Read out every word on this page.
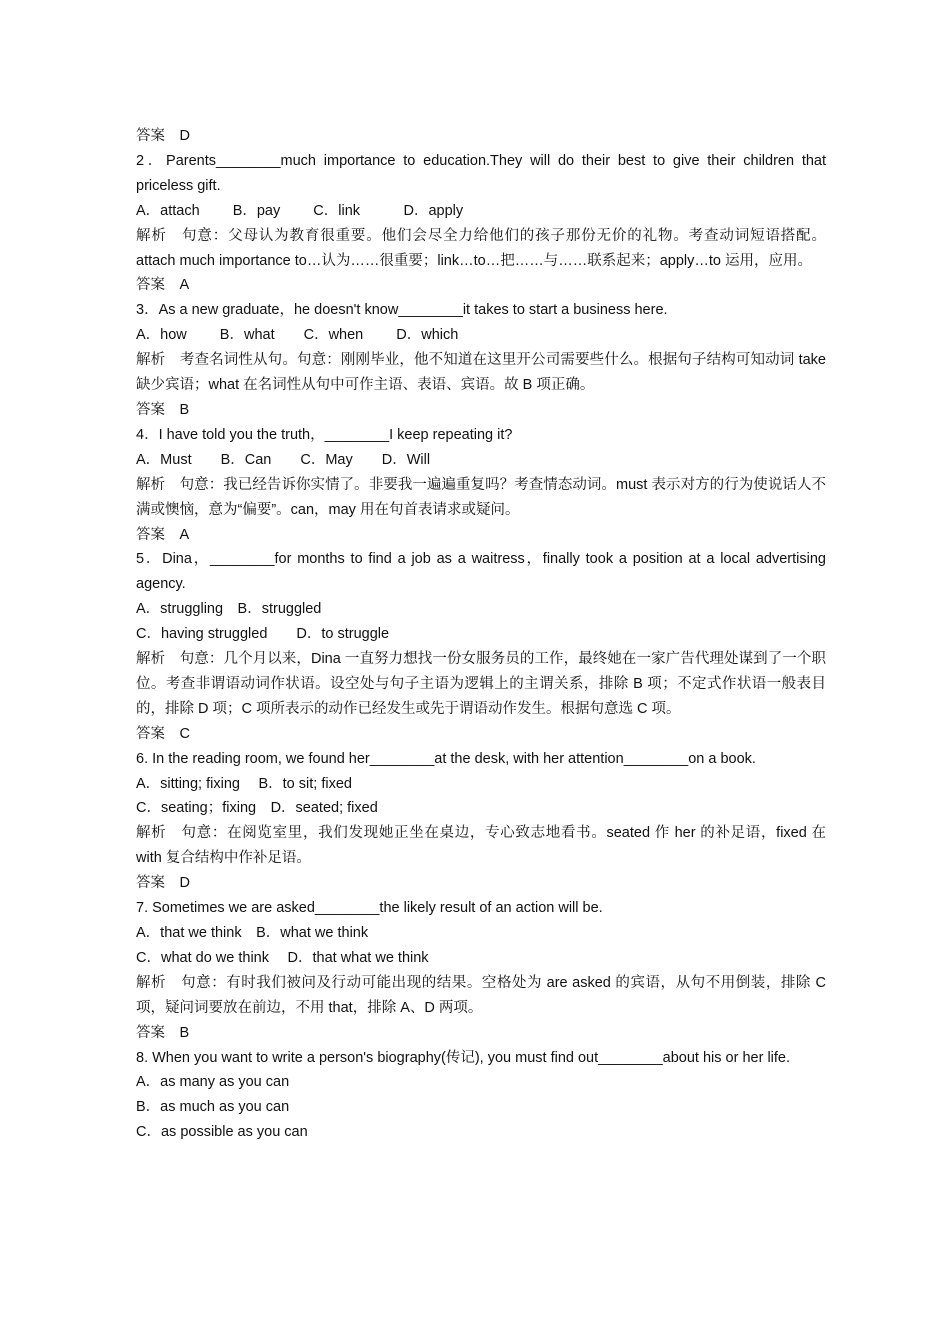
答案　D

2．Parents________much importance to education.They will do their best to give their children that priceless gift.

A．attach　　 B．pay　　 C．link　　　D．apply

解析　句意：父母认为教育很重要。他们会尽全力给他们的孩子那份无价的礼物。考查动词短语搭配。attach much importance to…认为……很重要；link…to…把……与……联系起来；apply…to 运用，应用。

答案　A

3．As a new graduate，he doesn't know________it takes to start a business here.

A．how　　 B．what　　C．when　　 D．which

解析　考查名词性从句。句意：刚刚毕业，他不知道在这里开公司需要些什么。根据句子结构可知动词 take 缺少宾语；what 在名词性从句中可作主语、表语、宾语。故 B 项正确。

答案　B

4．I have told you the truth，________I keep repeating it?

A．Must　　B．Can　　C．May　　D．Will

解析　句意：我已经告诉你实情了。非要我一遍遍重复吗？考查情态动词。must 表示对方的行为使说话人不满或懊恼，意为“偏要”。can，may 用在句首表请求或疑问。

答案　A

5．Dina，________for months to find a job as a waitress，finally took a position at a local advertising agency.

A．struggling　B．struggled

C．having struggled　　D．to struggle

解析　句意：几个月以来，Dina 一直努力想找一份女服务员的工作，最终她在一家广告代理处谋到了一个职位。考查非谓语动词作状语。设空处与句子主语为逻辑上的主谓关系，排除 B 项；不定式作状语一般表目的，排除 D 项；C 项所表示的动作已经发生或先于谓语动作发生。根据句意选 C 项。

答案　C

6. In the reading room, we found her________at the desk, with her attention________on a book.

A．sitting; fixing　 B．to sit; fixed

C．seating；fixing　D．seated; fixed

解析　句意：在阅览室里，我们发现她正坐在桌边，专心致志地看书。seated 作 her 的补足语，fixed 在 with 复合结构中作补足语。

答案　D

7. Sometimes we are asked________the likely result of an action will be.

A．that we think　B．what we think

C．what do we think　 D．that what we think

解析　句意：有时我们被问及行动可能出现的结果。空格处为 are asked 的宾语，从句不用倒装，排除 C 项，疑问词要放在前边，不用 that，排除 A、D 两项。

答案　B

8. When you want to write a person's biography(传记), you must find out________about his or her life.

A．as many as you can

B．as much as you can

C．as possible as you can
